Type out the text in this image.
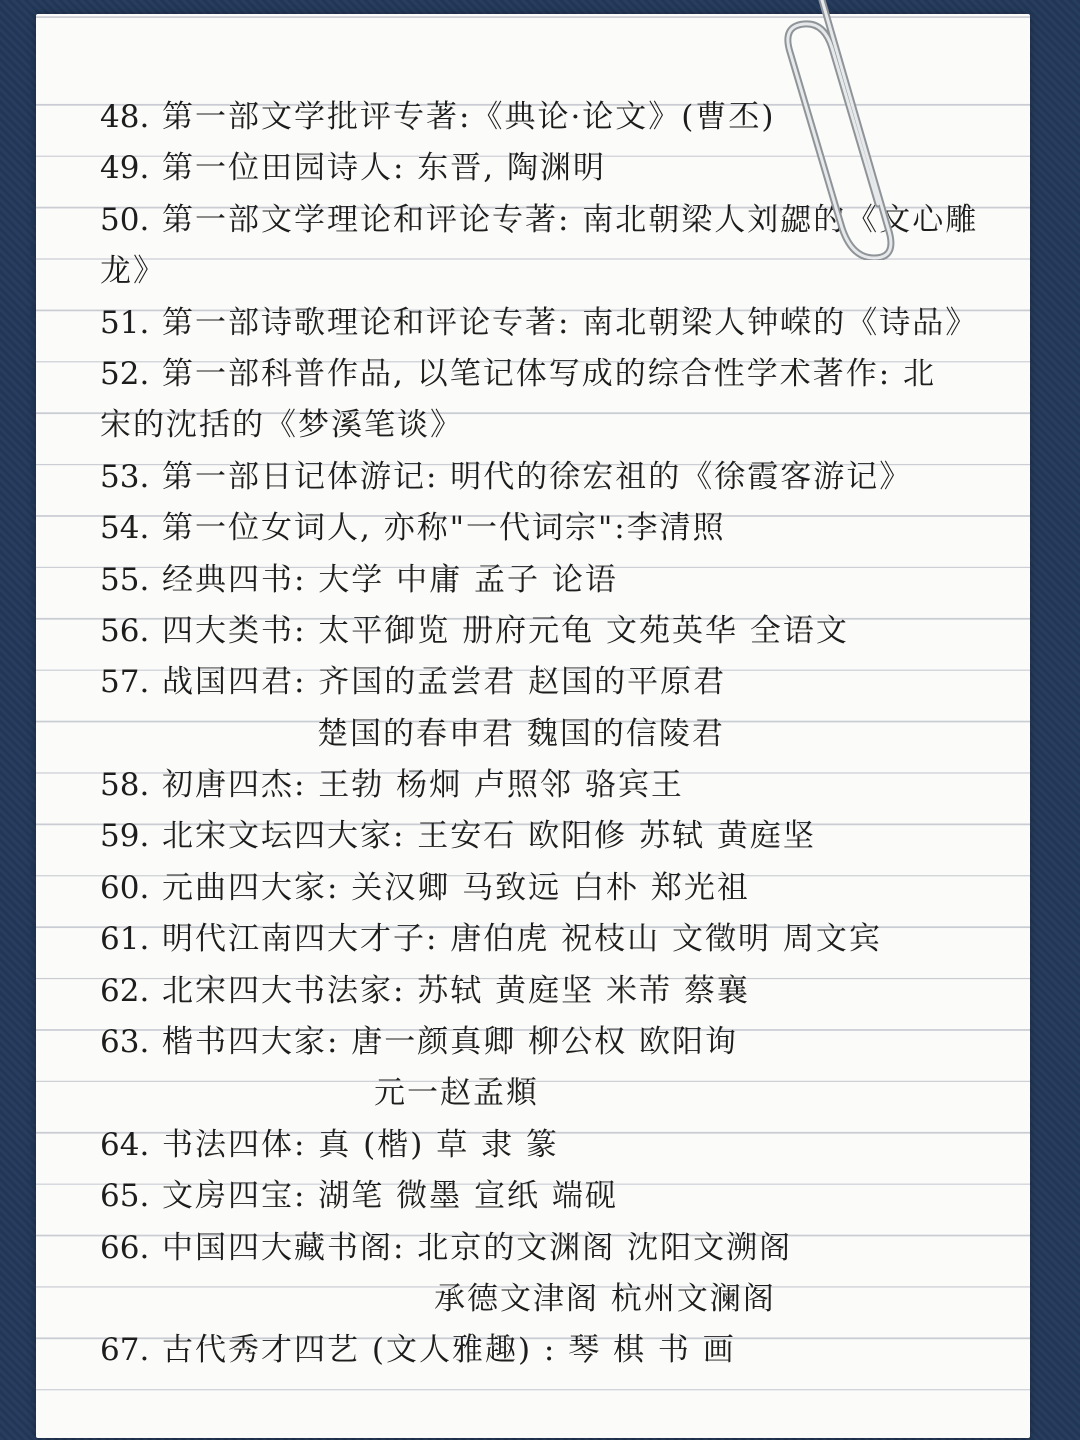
48. 第一部文学批评专著:《典论·论文》(曹丕)
49. 第一位田园诗人: 东晋, 陶渊明
50. 第一部文学理论和评论专著: 南北朝梁人刘勰的《文心雕
龙》
51. 第一部诗歌理论和评论专著: 南北朝梁人钟嵘的《诗品》
52. 第一部科普作品, 以笔记体写成的综合性学术著作: 北
宋的沈括的《梦溪笔谈》
53. 第一部日记体游记: 明代的徐宏祖的《徐霞客游记》
54. 第一位女词人, 亦称"一代词宗":李清照
55. 经典四书: 大学 中庸 孟子 论语
56. 四大类书: 太平御览 册府元龟 文苑英华 全语文
57. 战国四君: 齐国的孟尝君 赵国的平原君
楚国的春申君 魏国的信陵君
58. 初唐四杰: 王勃 杨炯 卢照邻 骆宾王
59. 北宋文坛四大家: 王安石 欧阳修 苏轼 黄庭坚
60. 元曲四大家: 关汉卿 马致远 白朴 郑光祖
61. 明代江南四大才子: 唐伯虎 祝枝山 文徵明 周文宾
62. 北宋四大书法家: 苏轼 黄庭坚 米芾 蔡襄
63. 楷书四大家: 唐一颜真卿 柳公权 欧阳询
元一赵孟頫
64. 书法四体: 真 (楷) 草 隶 篆
65. 文房四宝: 湖笔 微墨 宣纸 端砚
66. 中国四大藏书阁: 北京的文渊阁 沈阳文溯阁
承德文津阁 杭州文澜阁
67. 古代秀才四艺 (文人雅趣) : 琴 棋 书 画
